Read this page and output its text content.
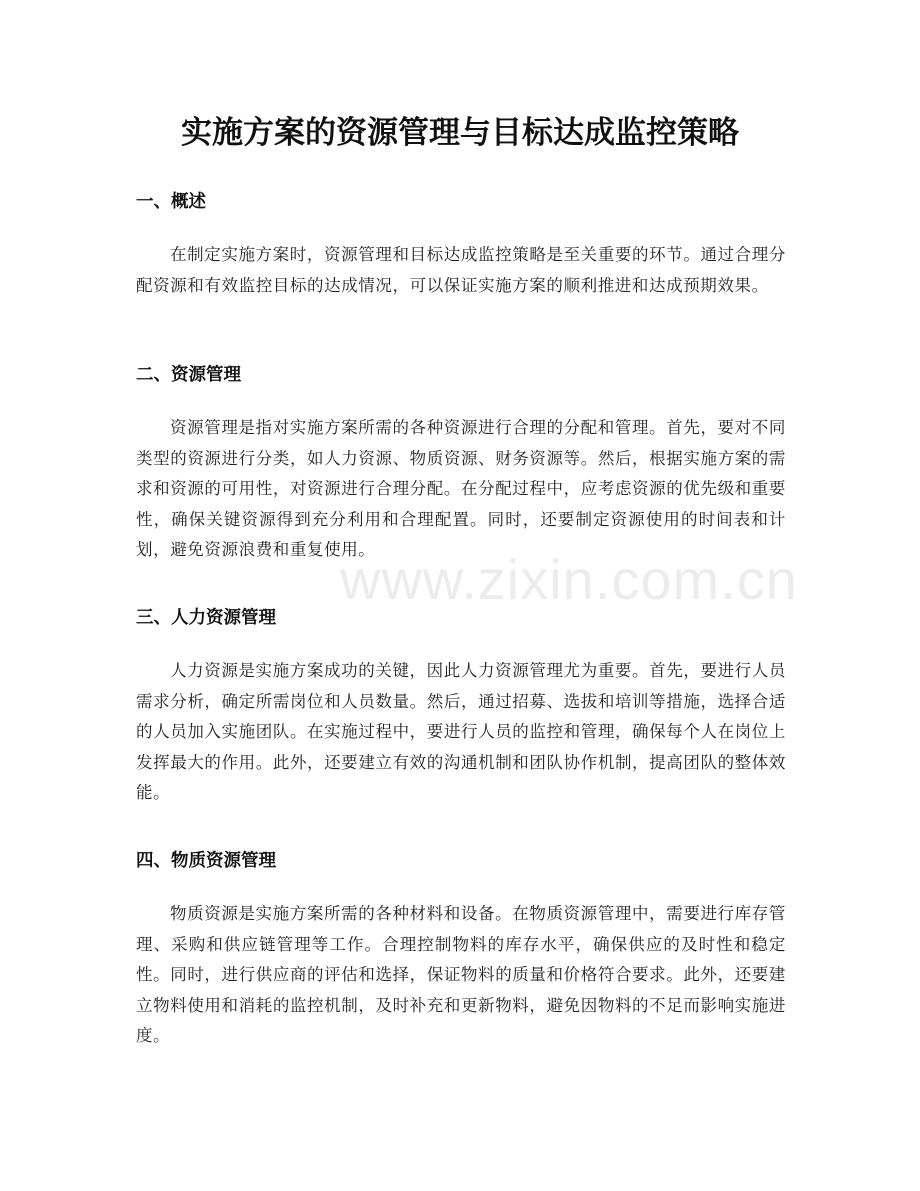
实施方案的资源管理与目标达成监控策略
一、概述

在制定实施方案时，资源管理和目标达成监控策略是至关重要的环节。通过合理分配资源和有效监控目标的达成情况，可以保证实施方案的顺利推进和达成预期效果。

二、资源管理

资源管理是指对实施方案所需的各种资源进行合理的分配和管理。首先，要对不同类型的资源进行分类，如人力资源、物质资源、财务资源等。然后，根据实施方案的需求和资源的可用性，对资源进行合理分配。在分配过程中，应考虑资源的优先级和重要性，确保关键资源得到充分利用和合理配置。同时，还要制定资源使用的时间表和计划，避免资源浪费和重复使用。

三、人力资源管理

人力资源是实施方案成功的关键，因此人力资源管理尤为重要。首先，要进行人员需求分析，确定所需岗位和人员数量。然后，通过招募、选拔和培训等措施，选择合适的人员加入实施团队。在实施过程中，要进行人员的监控和管理，确保每个人在岗位上发挥最大的作用。此外，还要建立有效的沟通机制和团队协作机制，提高团队的整体效能。

四、物质资源管理

物质资源是实施方案所需的各种材料和设备。在物质资源管理中，需要进行库存管理、采购和供应链管理等工作。合理控制物料的库存水平，确保供应的及时性和稳定性。同时，进行供应商的评估和选择，保证物料的质量和价格符合要求。此外，还要建立物料使用和消耗的监控机制，及时补充和更新物料，避免因物料的不足而影响实施进度。

www.zixin.com.cn
